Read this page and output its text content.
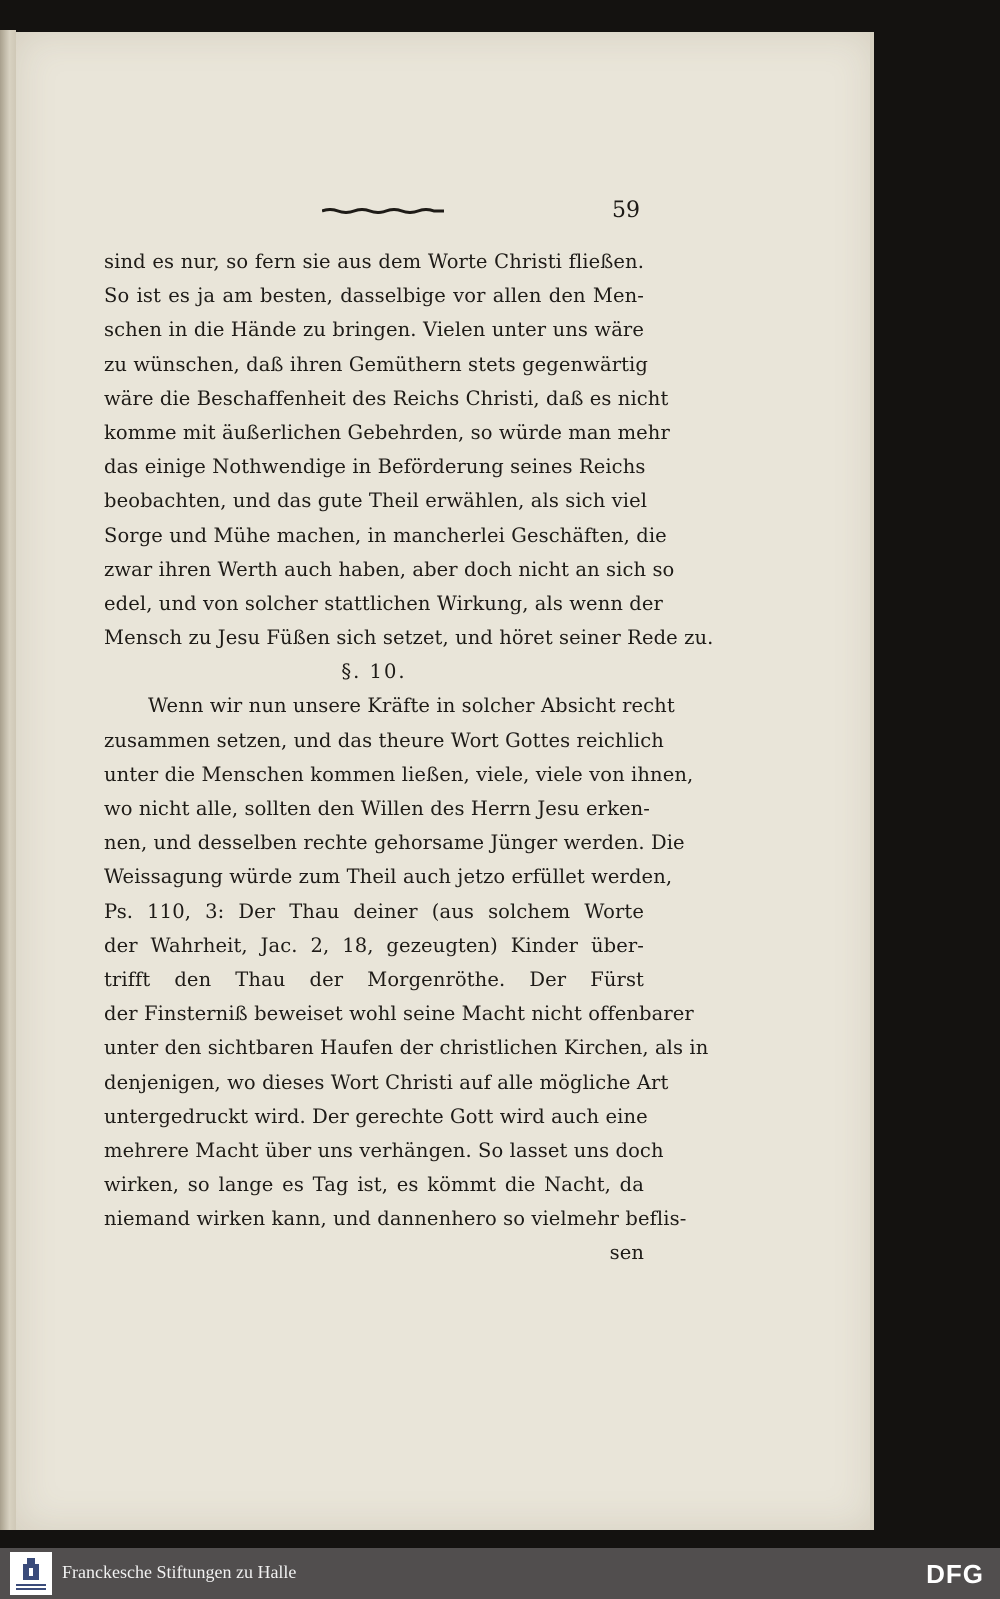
59
sind es nur, so fern sie aus dem Worte Christi fließen.
So ist es ja am besten, dasselbige vor allen den Men-
schen in die Hände zu bringen. Vielen unter uns wäre
zu wünschen, daß ihren Gemüthern stets gegenwärtig
wäre die Beschaffenheit des Reichs Christi, daß es nicht
komme mit äußerlichen Gebehrden, so würde man mehr
das einige Nothwendige in Beförderung seines Reichs
beobachten, und das gute Theil erwählen, als sich viel
Sorge und Mühe machen, in mancherlei Geschäften, die
zwar ihren Werth auch haben, aber doch nicht an sich so
edel, und von solcher stattlichen Wirkung, als wenn der
Mensch zu Jesu Füßen sich setzet, und höret seiner Rede zu.
§. 10.
Wenn wir nun unsere Kräfte in solcher Absicht recht
zusammen setzen, und das theure Wort Gottes reichlich
unter die Menschen kommen ließen, viele, viele von ihnen,
wo nicht alle, sollten den Willen des Herrn Jesu erken-
nen, und desselben rechte gehorsame Jünger werden. Die
Weissagung würde zum Theil auch jetzo erfüllet werden,
Ps. 110, 3: Der Thau deiner (aus solchem Worte
der Wahrheit, Jac. 2, 18, gezeugten) Kinder über-
trifft den Thau der Morgenröthe. Der Fürst
der Finsterniß beweiset wohl seine Macht nicht offenbarer
unter den sichtbaren Haufen der christlichen Kirchen, als in
denjenigen, wo dieses Wort Christi auf alle mögliche Art
untergedruckt wird. Der gerechte Gott wird auch eine
mehrere Macht über uns verhängen. So lasset uns doch
wirken, so lange es Tag ist, es kömmt die Nacht, da
niemand wirken kann, und dannenhero so vielmehr beflis-
sen
Franckesche Stiftungen zu Halle	DFG
